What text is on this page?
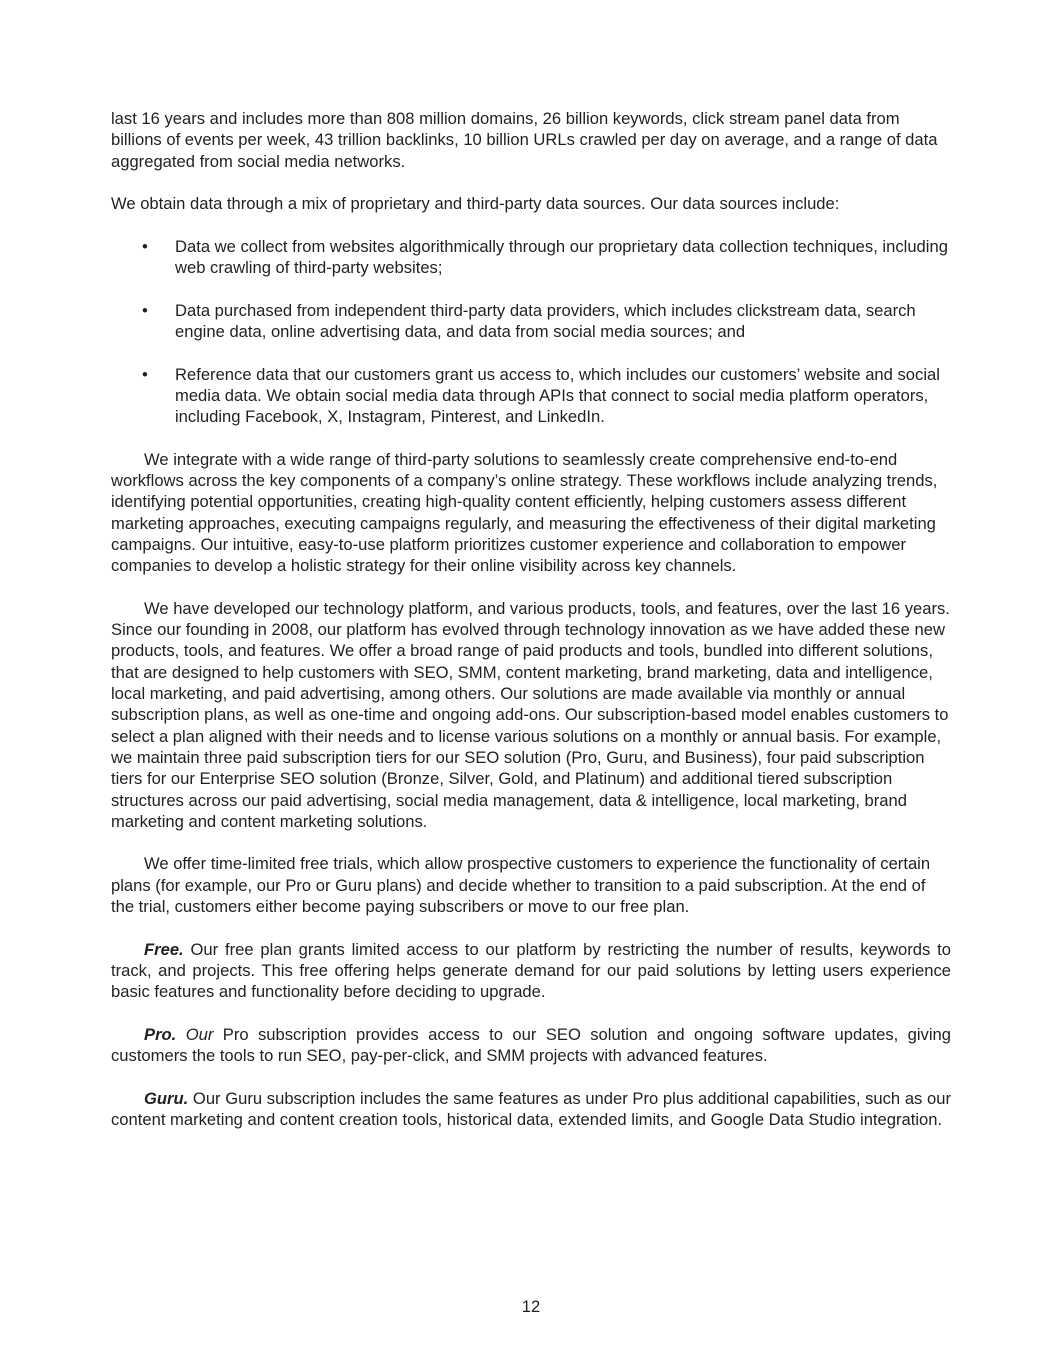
last 16 years and includes more than 808 million domains, 26 billion keywords, click stream panel data from billions of events per week, 43 trillion backlinks, 10 billion URLs crawled per day on average, and a range of data aggregated from social media networks.

We obtain data through a mix of proprietary and third-party data sources. Our data sources include:

• Data we collect from websites algorithmically through our proprietary data collection techniques, including web crawling of third-party websites;
• Data purchased from independent third-party data providers, which includes clickstream data, search engine data, online advertising data, and data from social media sources; and
• Reference data that our customers grant us access to, which includes our customers’ website and social media data. We obtain social media data through APIs that connect to social media platform operators, including Facebook, X, Instagram, Pinterest, and LinkedIn.

We integrate with a wide range of third-party solutions to seamlessly create comprehensive end-to-end workflows across the key components of a company’s online strategy. These workflows include analyzing trends, identifying potential opportunities, creating high-quality content efficiently, helping customers assess different marketing approaches, executing campaigns regularly, and measuring the effectiveness of their digital marketing campaigns. Our intuitive, easy-to-use platform prioritizes customer experience and collaboration to empower companies to develop a holistic strategy for their online visibility across key channels.

We have developed our technology platform, and various products, tools, and features, over the last 16 years. Since our founding in 2008, our platform has evolved through technology innovation as we have added these new products, tools, and features. We offer a broad range of paid products and tools, bundled into different solutions, that are designed to help customers with SEO, SMM, content marketing, brand marketing, data and intelligence, local marketing, and paid advertising, among others. Our solutions are made available via monthly or annual subscription plans, as well as one-time and ongoing add-ons. Our subscription-based model enables customers to select a plan aligned with their needs and to license various solutions on a monthly or annual basis. For example, we maintain three paid subscription tiers for our SEO solution (Pro, Guru, and Business), four paid subscription tiers for our Enterprise SEO solution (Bronze, Silver, Gold, and Platinum) and additional tiered subscription structures across our paid advertising, social media management, data & intelligence, local marketing, brand marketing and content marketing solutions.

We offer time-limited free trials, which allow prospective customers to experience the functionality of certain plans (for example, our Pro or Guru plans) and decide whether to transition to a paid subscription. At the end of the trial, customers either become paying subscribers or move to our free plan.

Free. Our free plan grants limited access to our platform by restricting the number of results, keywords to track, and projects. This free offering helps generate demand for our paid solutions by letting users experience basic features and functionality before deciding to upgrade.

Pro. Our Pro subscription provides access to our SEO solution and ongoing software updates, giving customers the tools to run SEO, pay-per-click, and SMM projects with advanced features.

Guru. Our Guru subscription includes the same features as under Pro plus additional capabilities, such as our content marketing and content creation tools, historical data, extended limits, and Google Data Studio integration.

12
